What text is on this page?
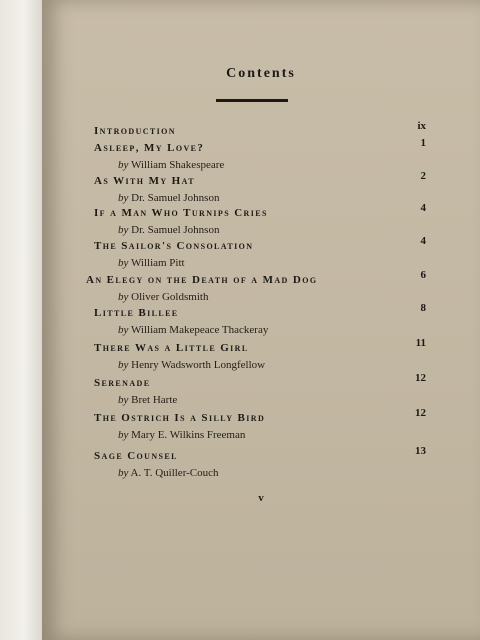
Contents
Introduction	ix
Asleep, My Love?	1
by William Shakespeare
As With My Hat	2
by Dr. Samuel Johnson
If a Man Who Turnips Cries	4
by Dr. Samuel Johnson
The Sailor's Consolation	4
by William Pitt
An Elegy on the Death of a Mad Dog	6
by Oliver Goldsmith
Little Billee	8
by William Makepeace Thackeray
There Was a Little Girl	11
by Henry Wadsworth Longfellow
Serenade	12
by Bret Harte
The Ostrich Is a Silly Bird	12
by Mary E. Wilkins Freeman
Sage Counsel	13
by A. T. Quiller-Couch
v
